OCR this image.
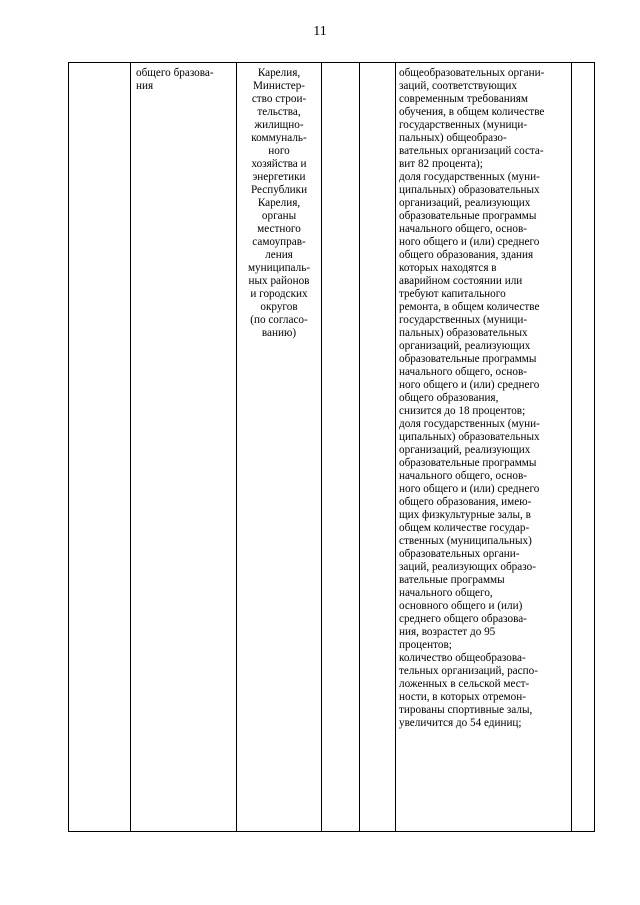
11
общего бразова-
ния
Карелия,
Министер-
ство строи-
тельства,
жилищно-
коммуналь-
ного
хозяйства и
энергетики
Республики
Карелия,
органы
местного
самоуправ-
ления
муниципаль-
ных районов
и городских
округов
(по согласо-
ванию)
общеобразовательных органи-
заций, соответствующих
современным требованиям
обучения, в общем количестве
государственных (муници-
пальных) общеобразо-
вательных организаций соста-
вит 82 процента);
доля государственных (муни-
ципальных) образовательных
организаций, реализующих
образовательные программы
начального общего, основ-
ного общего и (или) среднего
общего образования, здания
которых находятся в
аварийном состоянии или
требуют капитального
ремонта, в общем количестве
государственных (муници-
пальных) образовательных
организаций, реализующих
образовательные программы
начального общего, основ-
ного общего и (или) среднего
общего образования,
снизится до 18 процентов;
доля государственных (муни-
ципальных) образовательных
организаций, реализующих
образовательные программы
начального общего, основ-
ного общего и (или) среднего
общего образования, имею-
щих физкультурные залы, в
общем количестве государ-
ственных (муниципальных)
образовательных органи-
заций, реализующих образо-
вательные программы
начального общего,
основного общего и (или)
среднего общего образова-
ния, возрастет до 95
процентов;
количество общеобразова-
тельных организаций, распо-
ложенных в сельской мест-
ности, в которых отремон-
тированы спортивные залы,
увеличится до 54 единиц;
